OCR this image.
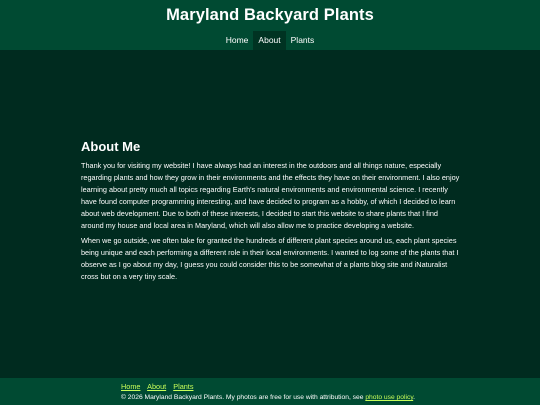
Maryland Backyard Plants
Home	About	Plants
About Me

Thank you for visiting my website! I have always had an interest in the outdoors and all things nature, especially regarding plants and how they grow in their environments and the effects they have on their environment. I also enjoy learning about pretty much all topics regarding Earth's natural environments and environmental science. I recently have found computer programming interesting, and have decided to program as a hobby, of which I decided to learn about web development. Due to both of these interests, I decided to start this website to share plants that I find around my house and local area in Maryland, which will also allow me to practice developing a website.

When we go outside, we often take for granted the hundreds of different plant species around us, each plant species being unique and each performing a different role in their local environments. I wanted to log some of the plants that I observe as I go about my day, I guess you could consider this to be somewhat of a plants blog site and iNaturalist cross but on a very tiny scale.

Home About Plants
© 2026 Maryland Backyard Plants. My photos are free for use with attribution, see photo use policy.
